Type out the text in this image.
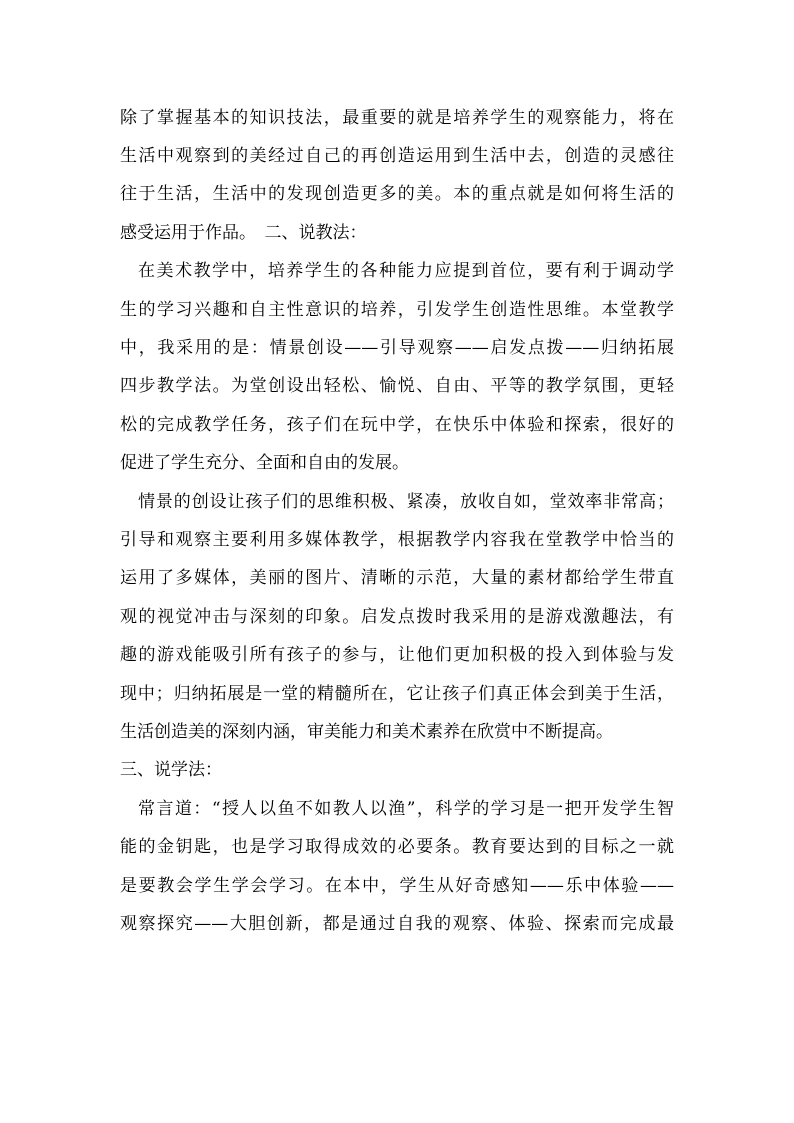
除了掌握基本的知识技法，最重要的就是培养学生的观察能力，将在
生活中观察到的美经过自己的再创造运用到生活中去，创造的灵感往
往于生活，生活中的发现创造更多的美。本的重点就是如何将生活的
感受运用于作品。　二、说教法：
在美术教学中，培养学生的各种能力应提到首位，要有利于调动学
生的学习兴趣和自主性意识的培养，引发学生创造性思维。本堂教学
中，我采用的是：情景创设——引导观察——启发点拨——归纳拓展
四步教学法。为堂创设出轻松、愉悦、自由、平等的教学氛围，更轻
松的完成教学任务，孩子们在玩中学，在快乐中体验和探索，很好的
促进了学生充分、全面和自由的发展。
情景的创设让孩子们的思维积极、紧凑，放收自如，堂效率非常高；
引导和观察主要利用多媒体教学，根据教学内容我在堂教学中恰当的
运用了多媒体，美丽的图片、清晰的示范，大量的素材都给学生带直
观的视觉冲击与深刻的印象。启发点拨时我采用的是游戏激趣法，有
趣的游戏能吸引所有孩子的参与，让他们更加积极的投入到体验与发
现中；归纳拓展是一堂的精髓所在，它让孩子们真正体会到美于生活，
生活创造美的深刻内涵，审美能力和美术素养在欣赏中不断提高。
三、说学法：
常言道：“授人以鱼不如教人以渔”，科学的学习是一把开发学生智
能的金钥匙，也是学习取得成效的必要条。教育要达到的目标之一就
是要教会学生学会学习。在本中，学生从好奇感知——乐中体验——
观察探究——大胆创新，都是通过自我的观察、体验、探索而完成最
